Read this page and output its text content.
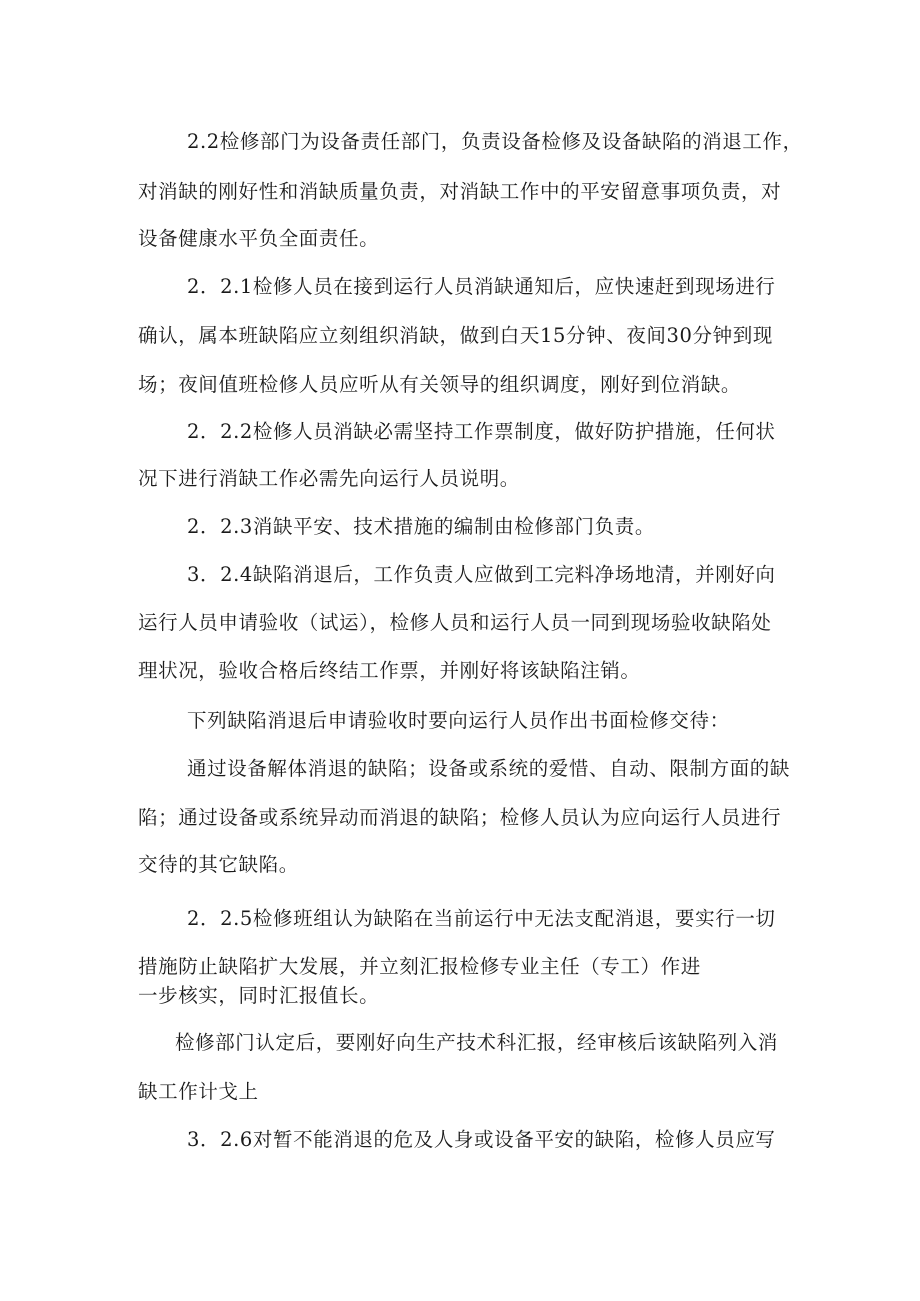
2.2检修部门为设备责任部门，负责设备检修及设备缺陷的消退工作，
对消缺的刚好性和消缺质量负责，对消缺工作中的平安留意事项负责，对
设备健康水平负全面责任。
2．2.1检修人员在接到运行人员消缺通知后，应快速赶到现场进行
确认，属本班缺陷应立刻组织消缺，做到白天15分钟、夜间30分钟到现
场；夜间值班检修人员应听从有关领导的组织调度，刚好到位消缺。
2．2.2检修人员消缺必需坚持工作票制度，做好防护措施，任何状
况下进行消缺工作必需先向运行人员说明。
2．2.3消缺平安、技术措施的编制由检修部门负责。
3．2.4缺陷消退后，工作负责人应做到工完料净场地清，并刚好向
运行人员申请验收（试运），检修人员和运行人员一同到现场验收缺陷处
理状况，验收合格后终结工作票，并刚好将该缺陷注销。
下列缺陷消退后申请验收时要向运行人员作出书面检修交待：
通过设备解体消退的缺陷；设备或系统的爱惜、自动、限制方面的缺
陷；通过设备或系统异动而消退的缺陷；检修人员认为应向运行人员进行
交待的其它缺陷。
2．2.5检修班组认为缺陷在当前运行中无法支配消退，要实行一切
措施防止缺陷扩大发展，并立刻汇报检修专业主任（专工）作进
一步核实，同时汇报值长。
检修部门认定后，要刚好向生产技术科汇报，经审核后该缺陷列入消
缺工作计戈上
3．2.6对暂不能消退的危及人身或设备平安的缺陷，检修人员应写
